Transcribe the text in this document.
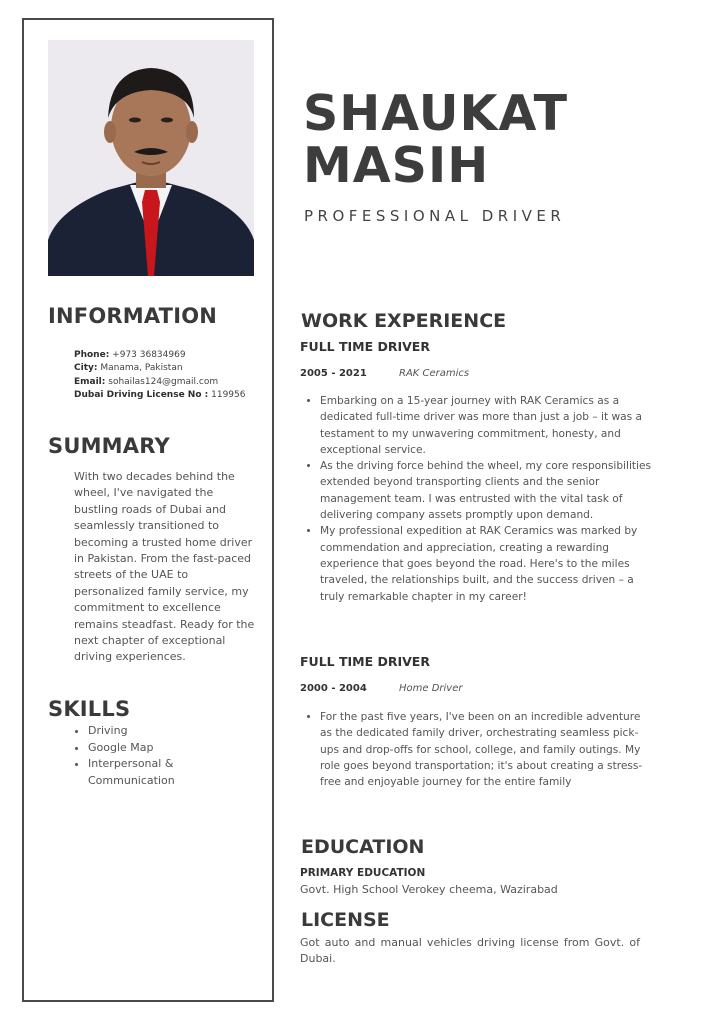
INFORMATION
Phone: +973 36834969
City: Manama, Pakistan
Email: sohailas124@gmail.com
Dubai Driving License No : 119956
SUMMARY
With two decades behind the wheel, I've navigated the bustling roads of Dubai and seamlessly transitioned to becoming a trusted home driver in Pakistan. From the fast-paced streets of the UAE to personalized family service, my commitment to excellence remains steadfast. Ready for the next chapter of exceptional driving experiences.
SKILLS
• Driving
• Google Map
• Interpersonal & Communication
SHAUKAT
MASIH
PROFESSIONAL DRIVER
WORK EXPERIENCE
FULL TIME DRIVER
2005 - 2021	RAK Ceramics
• Embarking on a 15-year journey with RAK Ceramics as a dedicated full-time driver was more than just a job – it was a testament to my unwavering commitment, honesty, and exceptional service.
• As the driving force behind the wheel, my core responsibilities extended beyond transporting clients and the senior management team. I was entrusted with the vital task of delivering company assets promptly upon demand.
• My professional expedition at RAK Ceramics was marked by commendation and appreciation, creating a rewarding experience that goes beyond the road. Here's to the miles traveled, the relationships built, and the success driven – a truly remarkable chapter in my career!
FULL TIME DRIVER
2000 - 2004	Home Driver
• For the past five years, I've been on an incredible adventure as the dedicated family driver, orchestrating seamless pick-ups and drop-offs for school, college, and family outings. My role goes beyond transportation; it's about creating a stress-free and enjoyable journey for the entire family
EDUCATION
PRIMARY EDUCATION
Govt. High School Verokey cheema, Wazirabad
LICENSE
Got auto and manual vehicles driving license from Govt. of Dubai.
